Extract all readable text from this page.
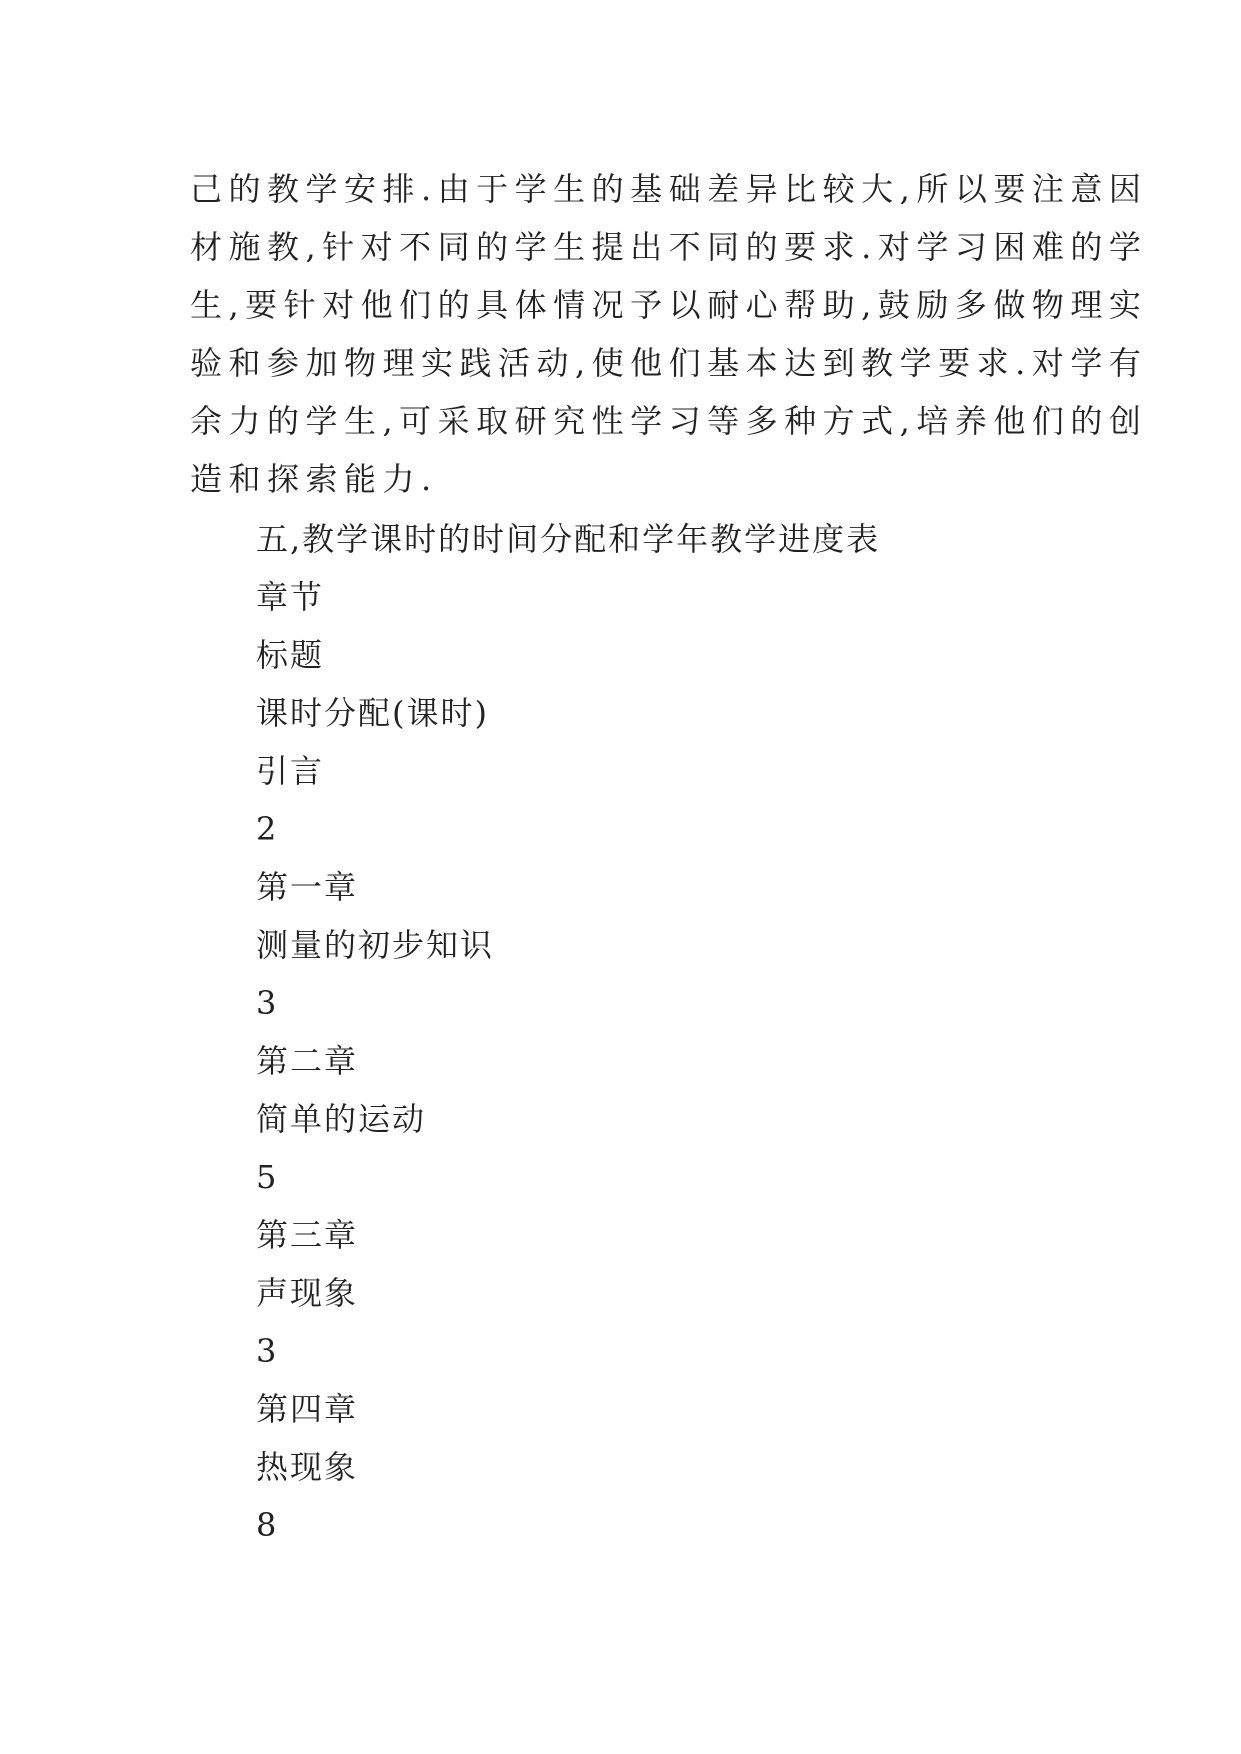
己的教学安排.由于学生的基础差异比较大,所以要注意因
材施教,针对不同的学生提出不同的要求.对学习困难的学
生,要针对他们的具体情况予以耐心帮助,鼓励多做物理实
验和参加物理实践活动,使他们基本达到教学要求.对学有
余力的学生,可采取研究性学习等多种方式,培养他们的创
造和探索能力.
五,教学课时的时间分配和学年教学进度表
章节
标题
课时分配(课时)
引言
2
第一章
测量的初步知识
3
第二章
简单的运动
5
第三章
声现象
3
第四章
热现象
8
